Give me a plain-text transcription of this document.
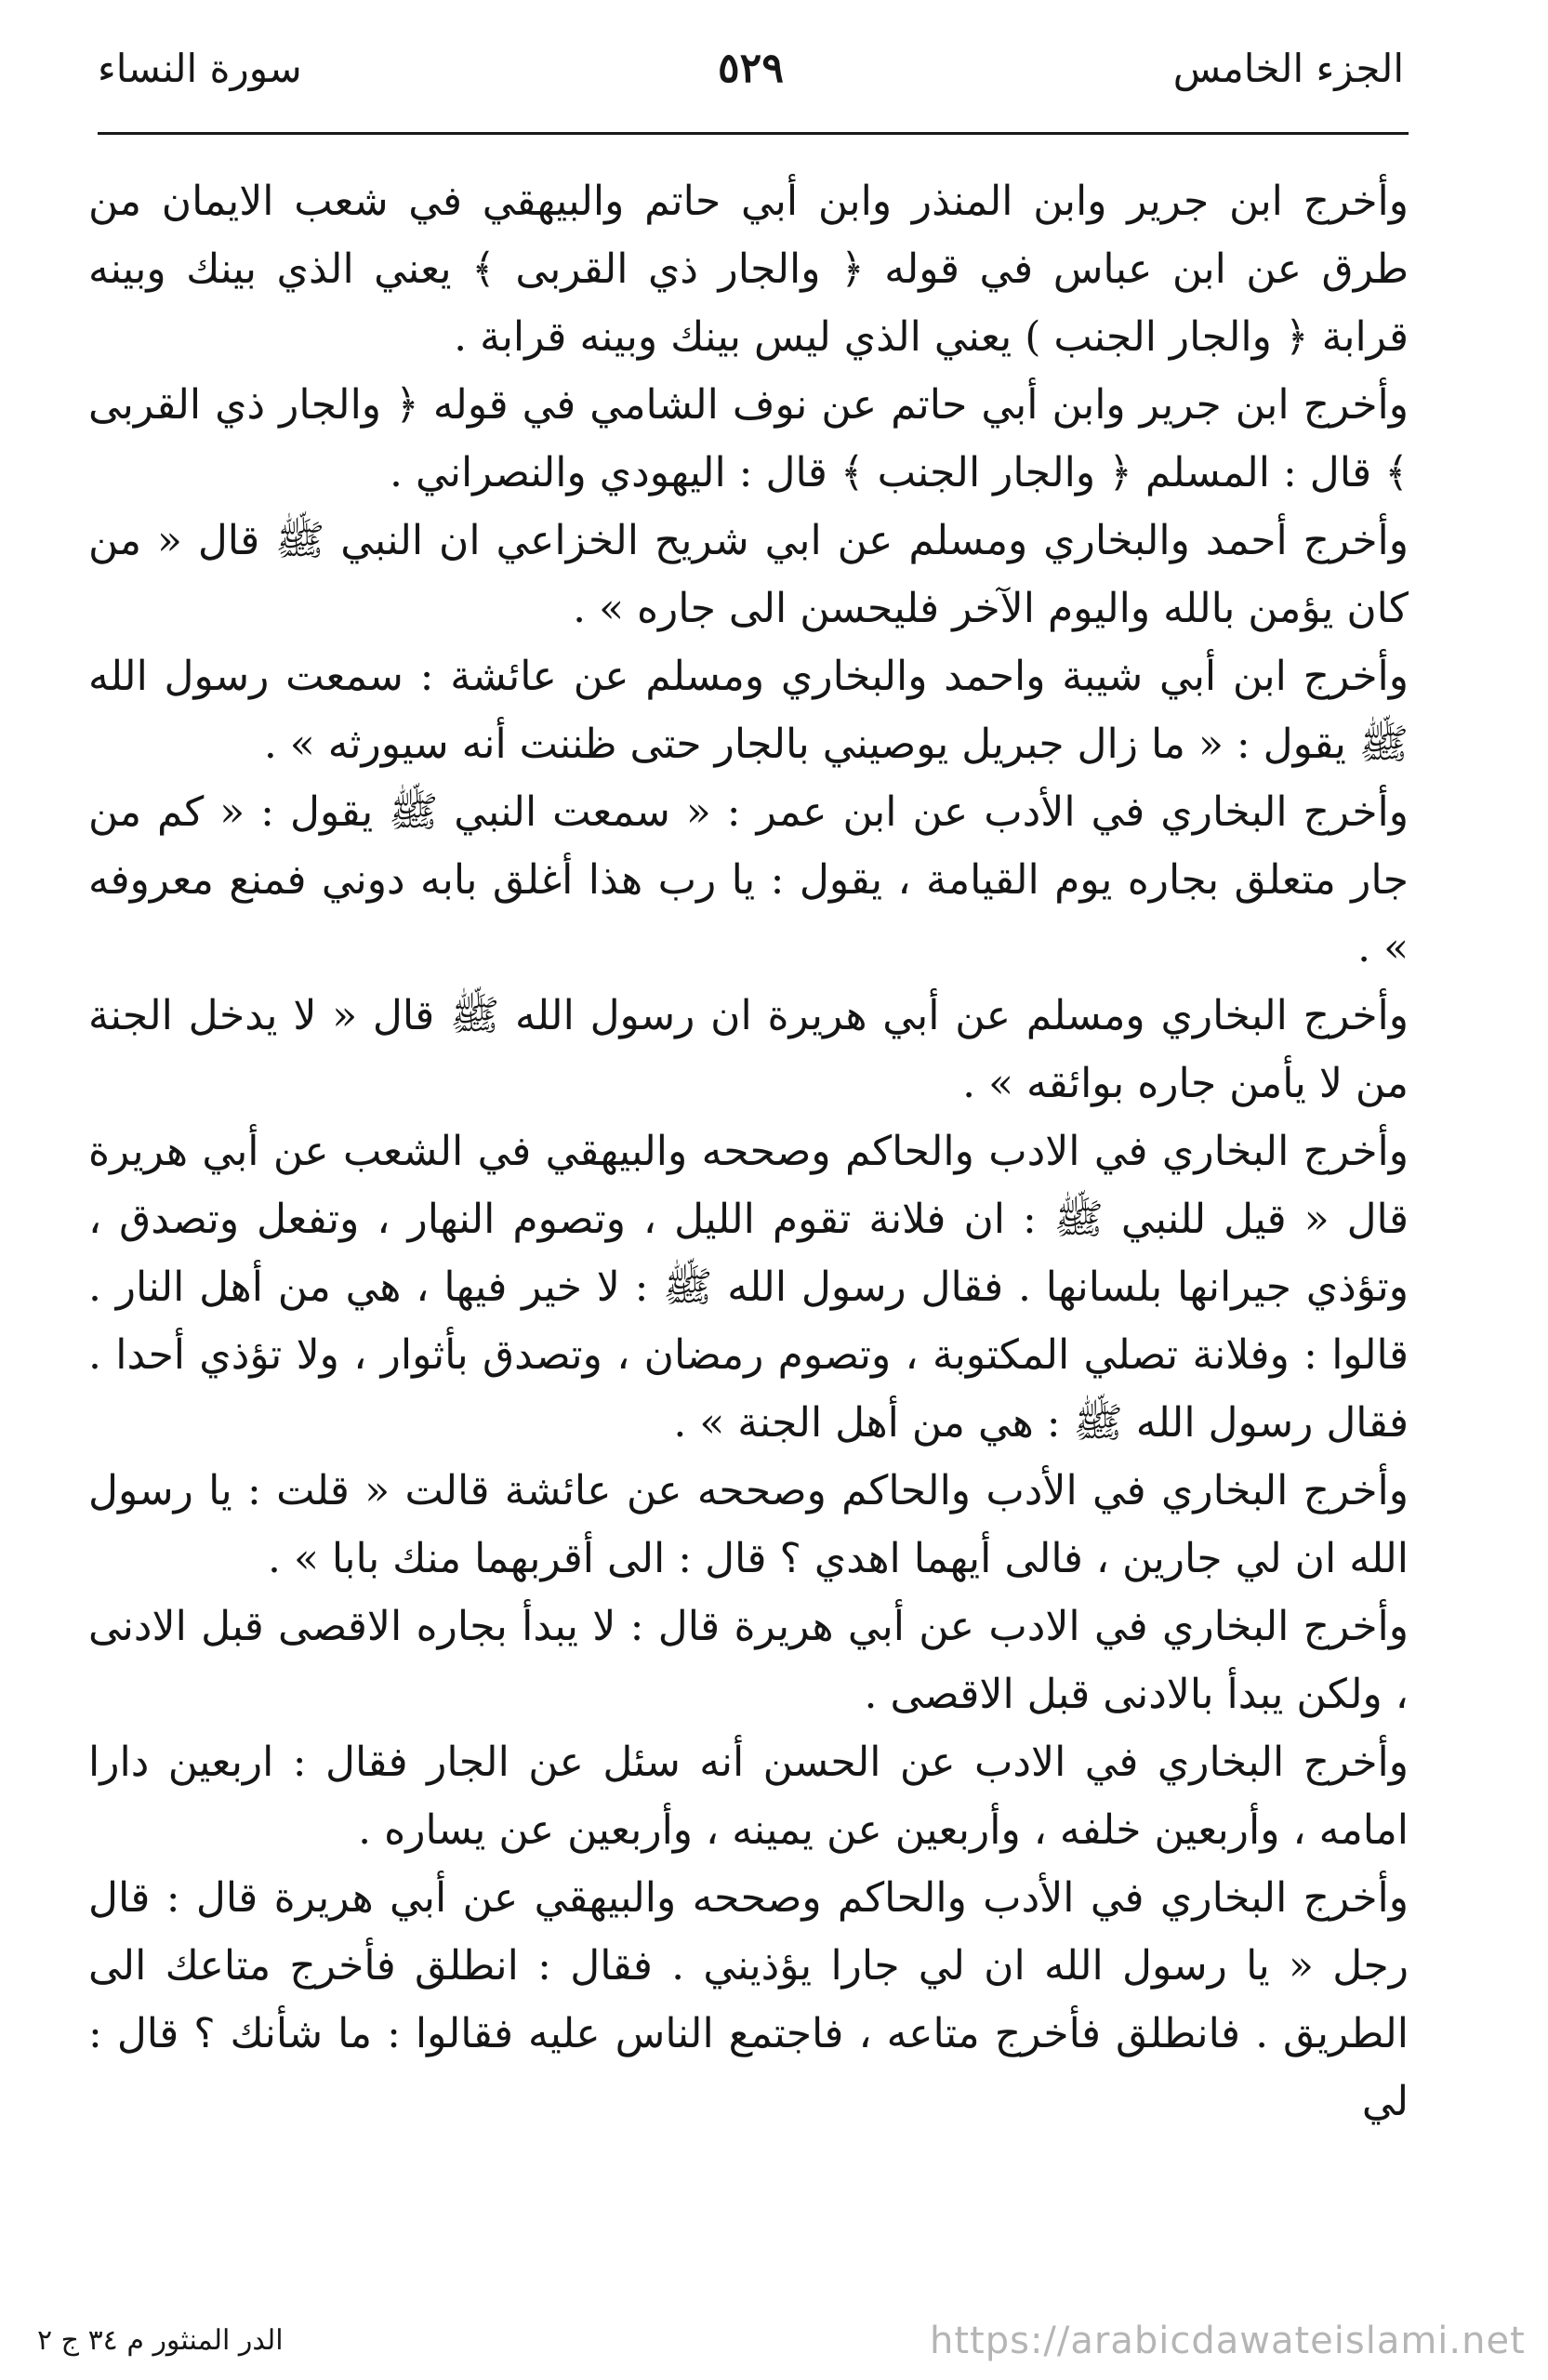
الجزء الخامس
٥٢٩
سورة النساء

وأخرج ابن جرير وابن المنذر وابن أبي حاتم والبيهقي في شعب الايمان من طرق عن ابن عباس في قوله ﴿ والجار ذي القربى ﴾ يعني الذي بينك وبينه قرابة ﴿ والجار الجنب ) يعني الذي ليس بينك وبينه قرابة .

وأخرج ابن جرير وابن أبي حاتم عن نوف الشامي في قوله ﴿ والجار ذي القربى ﴾ قال : المسلم ﴿ والجار الجنب ﴾ قال : اليهودي والنصراني .

وأخرج أحمد والبخاري ومسلم عن ابي شريح الخزاعي ان النبي ﷺ قال « من كان يؤمن بالله واليوم الآخر فليحسن الى جاره » .

وأخرج ابن أبي شيبة واحمد والبخاري ومسلم عن عائشة : سمعت رسول الله ﷺ يقول : « ما زال جبريل يوصيني بالجار حتى ظننت أنه سيورثه » .

وأخرج البخاري في الأدب عن ابن عمر : « سمعت النبي ﷺ يقول : « كم من جار متعلق بجاره يوم القيامة ، يقول : يا رب هذا أغلق بابه دوني فمنع معروفه » .

وأخرج البخاري ومسلم عن أبي هريرة ان رسول الله ﷺ قال « لا يدخل الجنة من لا يأمن جاره بوائقه » .

وأخرج البخاري في الادب والحاكم وصححه والبيهقي في الشعب عن أبي هريرة قال « قيل للنبي ﷺ : ان فلانة تقوم الليل ، وتصوم النهار ، وتفعل وتصدق ، وتؤذي جيرانها بلسانها . فقال رسول الله ﷺ : لا خير فيها ، هي من أهل النار . قالوا : وفلانة تصلي المكتوبة ، وتصوم رمضان ، وتصدق بأثوار ، ولا تؤذي أحدا . فقال رسول الله ﷺ : هي من أهل الجنة » .

وأخرج البخاري في الأدب والحاكم وصححه عن عائشة قالت « قلت : يا رسول الله ان لي جارين ، فالى أيهما اهدي ؟ قال : الى أقربهما منك بابا » .

وأخرج البخاري في الادب عن أبي هريرة قال : لا يبدأ بجاره الاقصى قبل الادنى ، ولكن يبدأ بالادنى قبل الاقصى .

وأخرج البخاري في الادب عن الحسن أنه سئل عن الجار فقال : اربعين دارا امامه ، وأربعين خلفه ، وأربعين عن يمينه ، وأربعين عن يساره .

وأخرج البخاري في الأدب والحاكم وصححه والبيهقي عن أبي هريرة قال : قال رجل « يا رسول الله ان لي جارا يؤذيني . فقال : انطلق فأخرج متاعك الى الطريق . فانطلق فأخرج متاعه ، فاجتمع الناس عليه فقالوا : ما شأنك ؟ قال : لي

الدر المنثور م ٣٤ ج ٢	https://arabicdawateislami.net
